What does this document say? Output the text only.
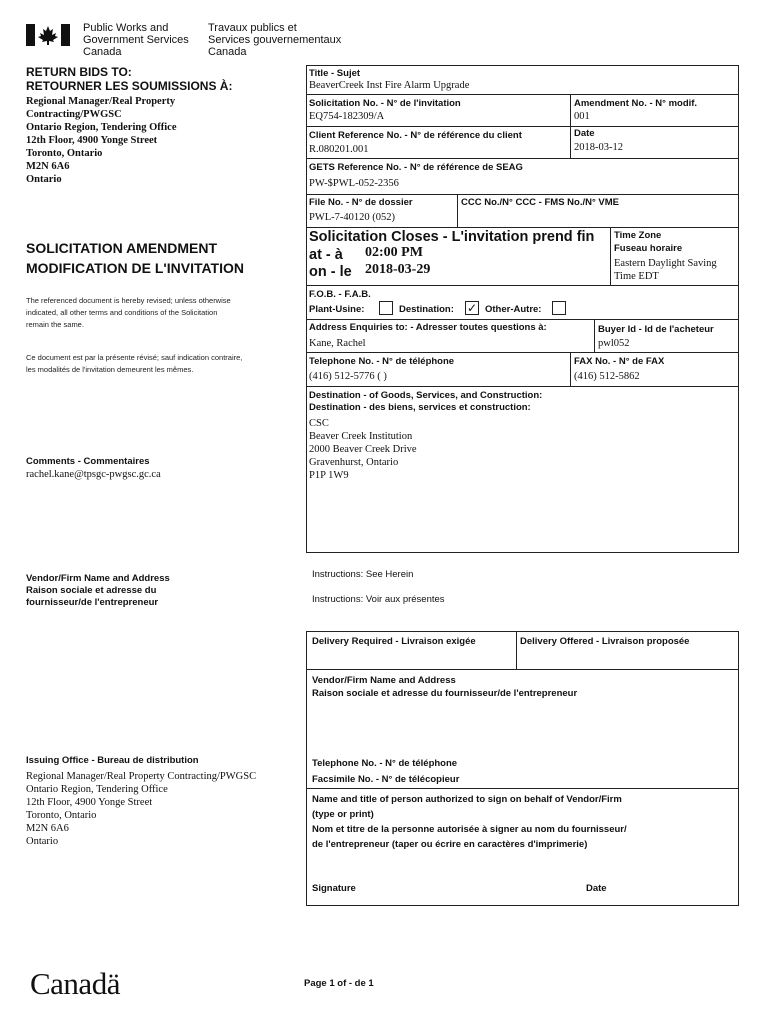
Public Works and
Government Services
Canada
Travaux publics et
Services gouvernementaux
Canada
RETURN BIDS TO:
RETOURNER LES SOUMISSIONS À:
Regional Manager/Real Property
Contracting/PWGSC
Ontario Region, Tendering Office
12th Floor, 4900 Yonge Street
Toronto, Ontario
M2N 6A6
Ontario
SOLICITATION AMENDMENT
MODIFICATION DE L'INVITATION
The referenced document is hereby revised; unless otherwise
indicated, all other terms and conditions of the Solicitation
remain the same.
Ce document est par la présente révisé; sauf indication contraire,
les modalités de l'invitation demeurent les mêmes.
Comments - Commentaires
rachel.kane@tpsgc-pwgsc.gc.ca
Vendor/Firm Name and Address
Raison sociale et adresse du
fournisseur/de l'entrepreneur
Issuing Office - Bureau de distribution
Regional Manager/Real Property Contracting/PWGSC
Ontario Region, Tendering Office
12th Floor, 4900 Yonge Street
Toronto, Ontario
M2N 6A6
Ontario
Title - Sujet
BeaverCreek Inst Fire Alarm Upgrade
Solicitation No. - N° de l'invitation
EQ754-182309/A
Amendment No. - N° modif.
001
Client Reference No. - N° de référence du client
R.080201.001
Date
2018-03-12
GETS Reference No. - N° de référence de SEAG
PW-$PWL-052-2356
File No. - N° de dossier
PWL-7-40120 (052)
CCC No./N° CCC - FMS No./N° VME
Solicitation Closes - L'invitation prend fin
at - à 02:00 PM
on - le 2018-03-29
Time Zone
Fuseau horaire
Eastern Daylight Saving
Time EDT
F.O.B. - F.A.B.
Plant-Usine:	Destination: ✓ Other-Autre:
Address Enquiries to: - Adresser toutes questions à:
Kane, Rachel
Buyer Id - Id de l'acheteur
pwl052
Telephone No. - N° de téléphone
(416) 512-5776 ( )
FAX No. - N° de FAX
(416) 512-5862
Destination - of Goods, Services, and Construction:
Destination - des biens, services et construction:
CSC
Beaver Creek Institution
2000 Beaver Creek Drive
Gravenhurst, Ontario
P1P 1W9
Instructions: See Herein
Instructions: Voir aux présentes
Delivery Required - Livraison exigée	Delivery Offered - Livraison proposée
Vendor/Firm Name and Address
Raison sociale et adresse du fournisseur/de l'entrepreneur
Telephone No. - N° de téléphone
Facsimile No. - N° de télécopieur
Name and title of person authorized to sign on behalf of Vendor/Firm
(type or print)
Nom et titre de la personne autorisée à signer au nom du fournisseur/
de l'entrepreneur (taper ou écrire en caractères d'imprimerie)
Signature	Date
Canadä	Page 1 of - de 1
